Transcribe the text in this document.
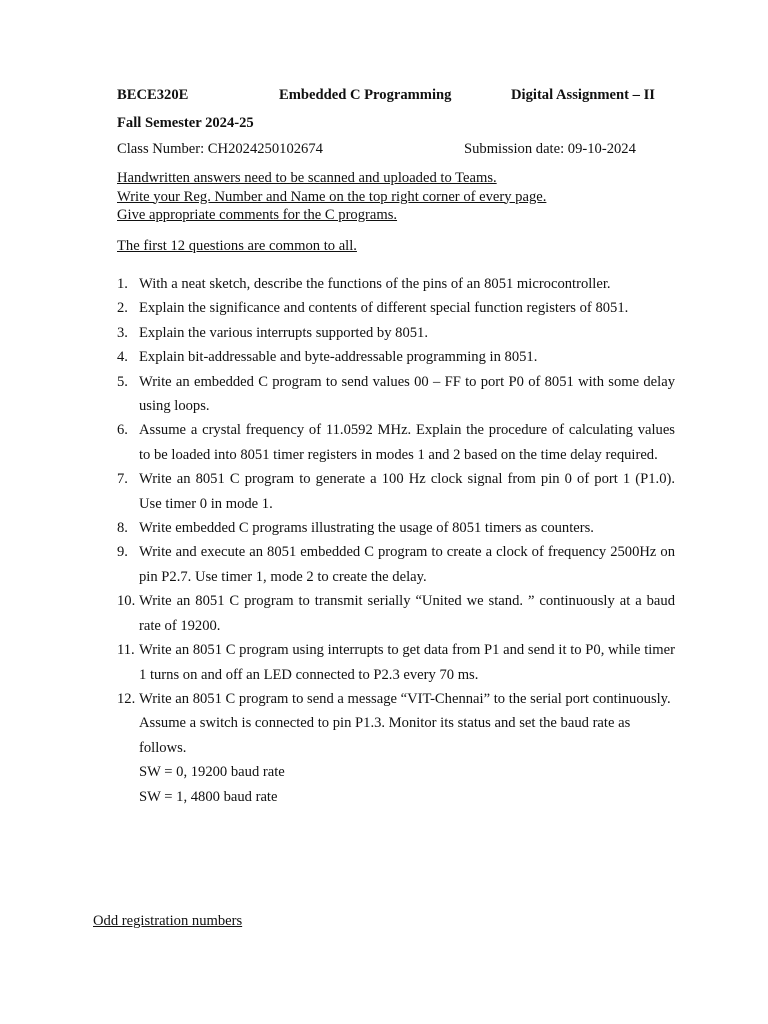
BECE320E	Embedded C Programming	Digital Assignment – II
Fall Semester 2024-25
Class Number: CH2024250102674	Submission date: 09-10-2024
Handwritten answers need to be scanned and uploaded to Teams.
Write your Reg. Number and Name on the top right corner of every page.
Give appropriate comments for the C programs.
The first 12 questions are common to all.
1. With a neat sketch, describe the functions of the pins of an 8051 microcontroller.
2. Explain the significance and contents of different special function registers of 8051.
3. Explain the various interrupts supported by 8051.
4. Explain bit-addressable and byte-addressable programming in 8051.
5. Write an embedded C program to send values 00 – FF to port P0 of 8051 with some delay using loops.
6. Assume a crystal frequency of 11.0592 MHz. Explain the procedure of calculating values to be loaded into 8051 timer registers in modes 1 and 2 based on the time delay required.
7. Write an 8051 C program to generate a 100 Hz clock signal from pin 0 of port 1 (P1.0). Use timer 0 in mode 1.
8. Write embedded C programs illustrating the usage of 8051 timers as counters.
9. Write and execute an 8051 embedded C program to create a clock of frequency 2500Hz on pin P2.7. Use timer 1, mode 2 to create the delay.
10. Write an 8051 C program to transmit serially “United we stand. ” continuously at a baud rate of 19200.
11. Write an 8051 C program using interrupts to get data from P1 and send it to P0, while timer 1 turns on and off an LED connected to P2.3 every 70 ms.
12. Write an 8051 C program to send a message “VIT-Chennai” to the serial port continuously. Assume a switch is connected to pin P1.3. Monitor its status and set the baud rate as follows.
SW = 0, 19200 baud rate
SW = 1, 4800 baud rate
Odd registration numbers
